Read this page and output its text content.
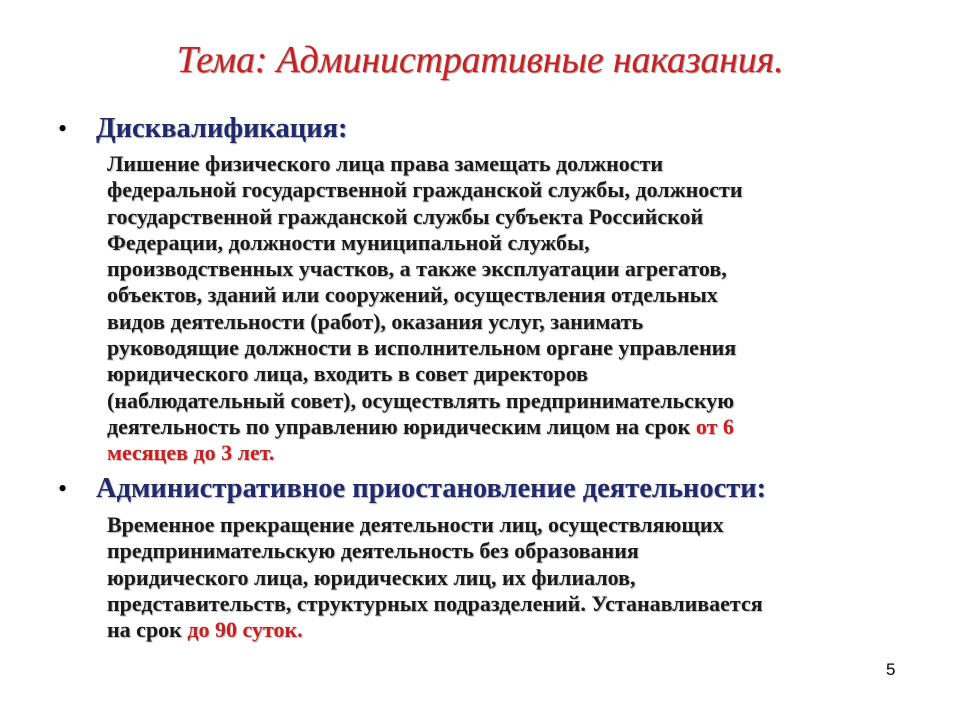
Тема: Административные наказания.
•	Дисквалификация:
Лишение физического лица права замещать должности
федеральной государственной гражданской службы, должности
государственной гражданской службы субъекта Российской
Федерации, должности муниципальной службы,
производственных участков, а также эксплуатации агрегатов,
объектов, зданий или сооружений, осуществления отдельных
видов деятельности (работ), оказания услуг, занимать
руководящие должности в исполнительном органе управления
юридического лица, входить в совет директоров
(наблюдательный совет), осуществлять предпринимательскую
деятельность по управлению юридическим лицом на срок от 6
месяцев до 3 лет.
•	Административное приостановление деятельности:
Временное прекращение деятельности лиц, осуществляющих
предпринимательскую деятельность без образования
юридического лица, юридических лиц, их филиалов,
представительств, структурных подразделений. Устанавливается
на срок до 90 суток.
5
